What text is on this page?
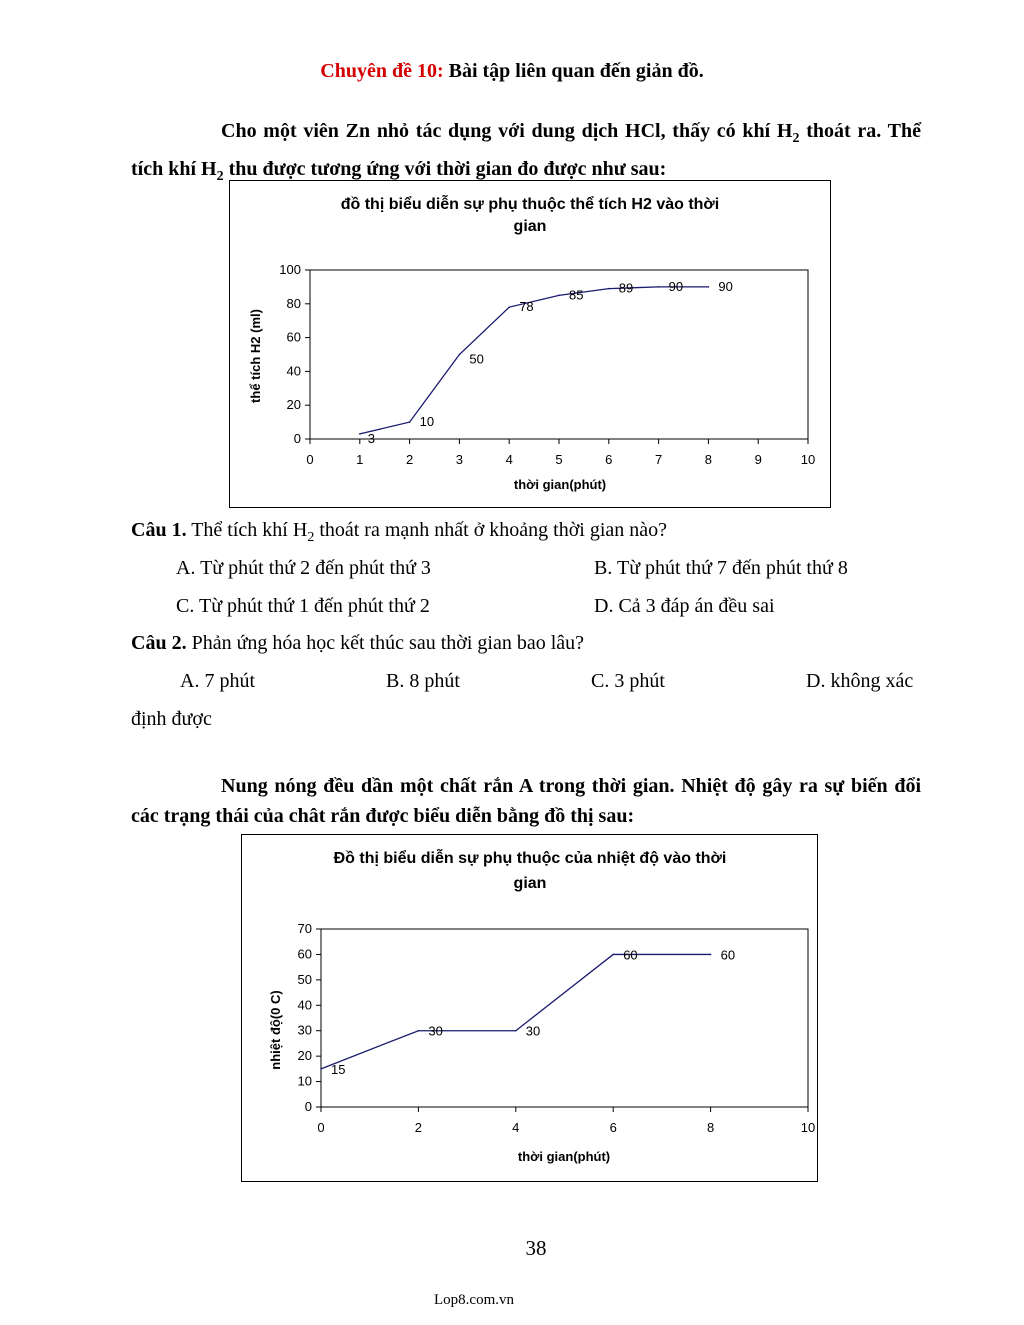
Chuyên đề 10: Bài tập liên quan đến giản đồ.
Cho một viên Zn nhỏ tác dụng với dung dịch HCl, thấy có khí $H_2$ thoát ra. Thể tích khí $H_2$ thu được tương ứng với thời gian đo được như sau:
đồ thị biểu diễn sự phụ thuộc thể tích H2 vào thời
gian
thời gian(phút)
thể tích H2 (ml)
0
20
40
60
80
100
0	1	2	3	4	5	6	7	8	9	10
3
10
50
78
85	89	90	90
Câu 1. Thể tích khí $H_2$ thoát ra mạnh nhất ở khoảng thời gian nào?
A. Từ phút thứ 2 đến phút thứ 3	B. Từ phút thứ 7 đến phút thứ 8
C. Từ phút thứ 1 đến phút thứ 2	D. Cả 3 đáp án đều sai
Câu 2. Phản ứng hóa học kết thúc sau thời gian bao lâu?
A. 7 phút	B. 8 phút	C. 3 phút	D. không xác
định được
Nung nóng đều dần một chất rắn A trong thời gian. Nhiệt độ gây ra sự biến đổi các trạng thái của chât rắn được biểu diễn bằng đồ thị sau:
Đồ thị biểu diễn sự phụ thuộc của nhiệt độ vào thời
gian
thời gian(phút)
nhiệt độ(0 C)
0
10
20
30
40
50
60
70
0	2	4	6	8	10
15
30	30
60	60
38
Lop8.com.vn
